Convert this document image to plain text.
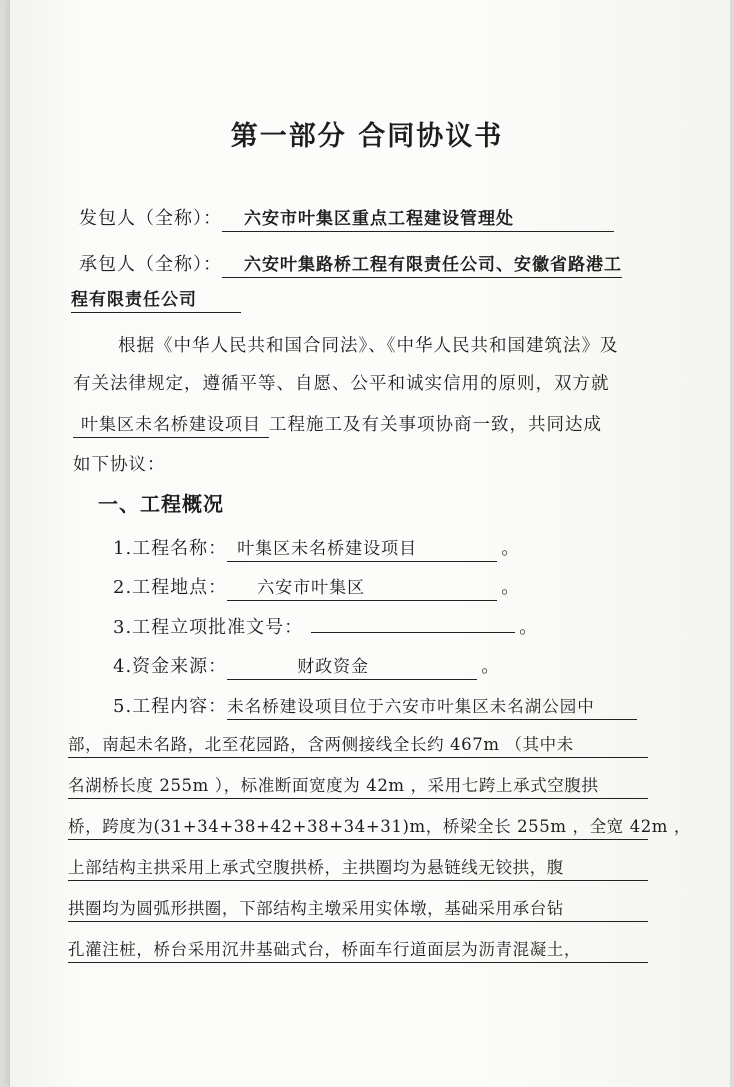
第一部分 合同协议书
发包人（全称）： 六安市叶集区重点工程建设管理处
承包人（全称）： 六安叶集路桥工程有限责任公司、安徽省路港工
程有限责任公司
根据《中华人民共和国合同法》、《中华人民共和国建筑法》及
有关法律规定，遵循平等、自愿、公平和诚实信用的原则，双方就
叶集区未名桥建设项目 工程施工及有关事项协商一致，共同达成
如下协议：
一、工程概况
1.工程名称： 叶集区未名桥建设项目	。
2.工程地点： 六安市叶集区	。
3.工程立项批准文号：	。
4.资金来源：	财政资金	。
5.工程内容：未名桥建设项目位于六安市叶集区未名湖公园中
部，南起未名路，北至花园路，含两侧接线全长约 467m （其中未
名湖桥长度 255m ），标准断面宽度为 42m ，采用七跨上承式空腹拱
桥，跨度为(31+34+38+42+38+34+31)m，桥梁全长 255m ，全宽 42m ，
上部结构主拱采用上承式空腹拱桥，主拱圈均为悬链线无铰拱，腹
拱圈均为圆弧形拱圈，下部结构主墩采用实体墩，基础采用承台钻
孔灌注桩，桥台采用沉井基础式台，桥面车行道面层为沥青混凝土，
